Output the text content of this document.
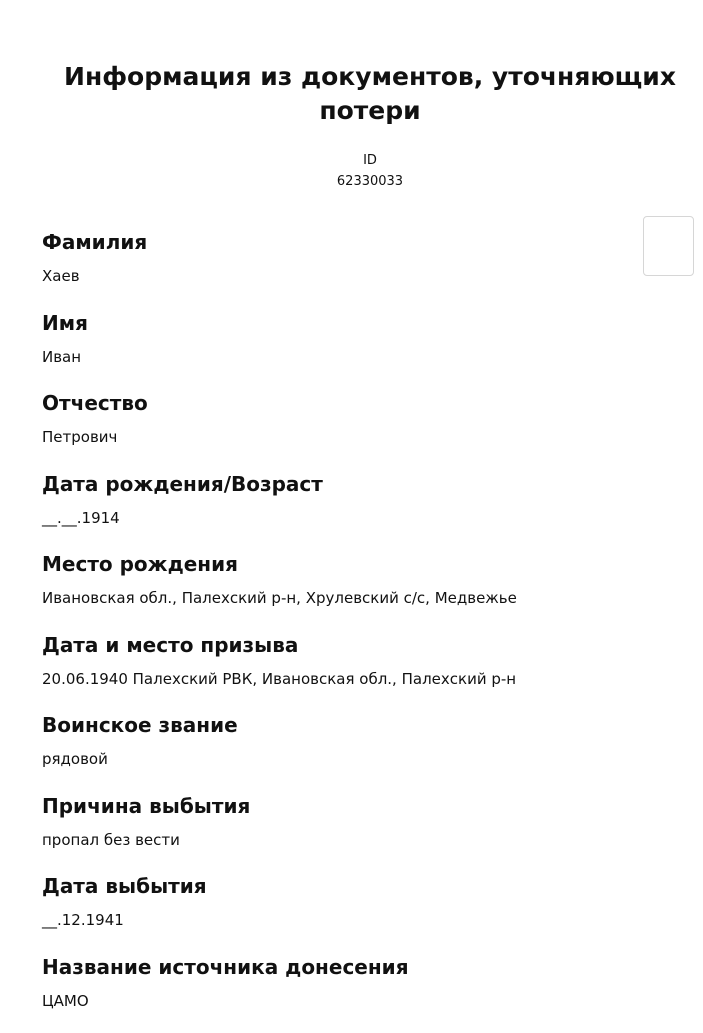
Информация из документов, уточняющих потери
ID
62330033
Фамилия
Хаев
Имя
Иван
Отчество
Петрович
Дата рождения/Возраст
__.__.1914
Место рождения
Ивановская обл., Палехский р-н, Хрулевский с/с, Медвежье
Дата и место призыва
20.06.1940 Палехский РВК, Ивановская обл., Палехский р-н
Воинское звание
рядовой
Причина выбытия
пропал без вести
Дата выбытия
__.12.1941
Название источника донесения
ЦАМО
